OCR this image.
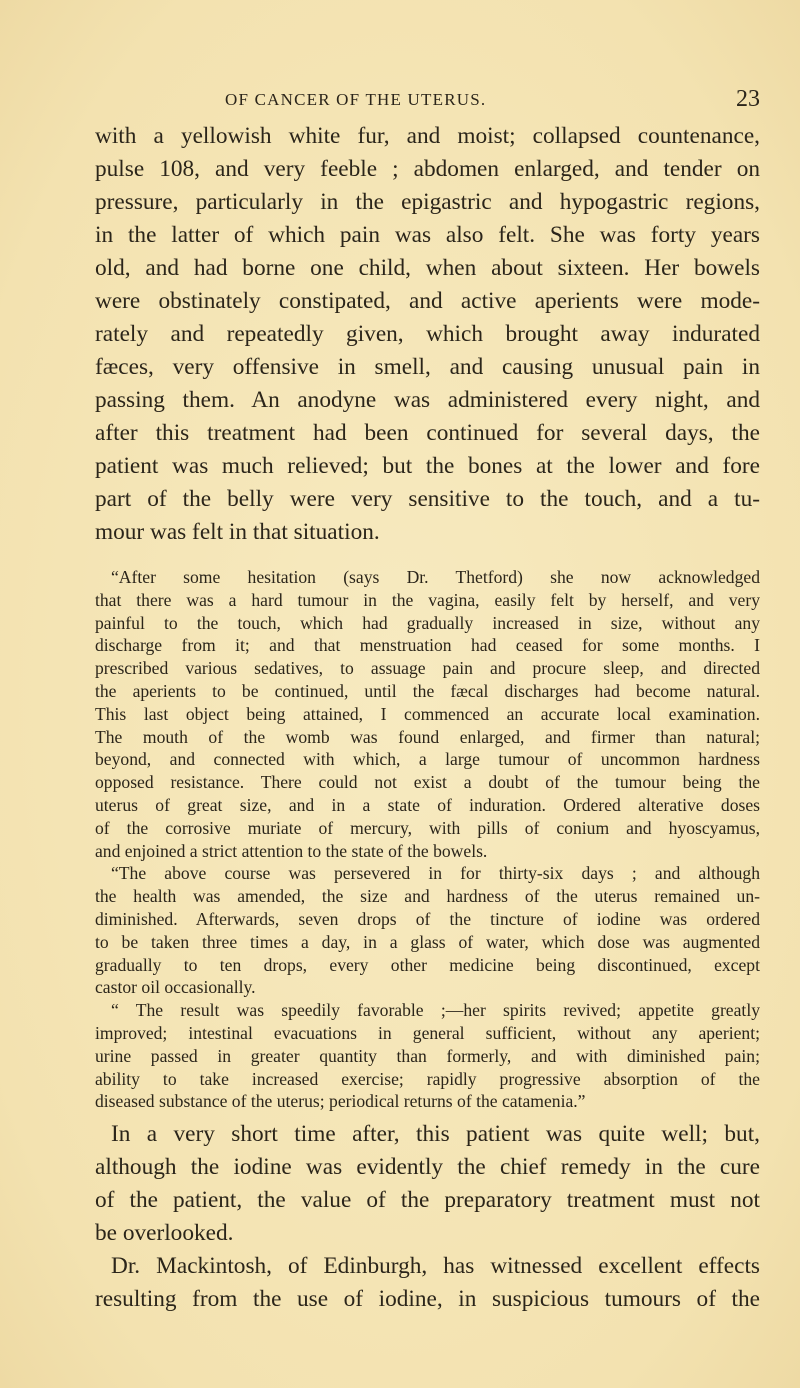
OF CANCER OF THE UTERUS.	23
with a yellowish white fur, and moist; collapsed countenance,
pulse 108, and very feeble ; abdomen enlarged, and tender on
pressure, particularly in the epigastric and hypogastric regions,
in the latter of which pain was also felt. She was forty years
old, and had borne one child, when about sixteen. Her bowels
were obstinately constipated, and active aperients were mode-
rately and repeatedly given, which brought away indurated
fæces, very offensive in smell, and causing unusual pain in
passing them. An anodyne was administered every night, and
after this treatment had been continued for several days, the
patient was much relieved; but the bones at the lower and fore
part of the belly were very sensitive to the touch, and a tu-
mour was felt in that situation.
“After some hesitation (says Dr. Thetford) she now acknowledged
that there was a hard tumour in the vagina, easily felt by herself, and very
painful to the touch, which had gradually increased in size, without any
discharge from it; and that menstruation had ceased for some months. I
prescribed various sedatives, to assuage pain and procure sleep, and directed
the aperients to be continued, until the fæcal discharges had become natural.
This last object being attained, I commenced an accurate local examination.
The mouth of the womb was found enlarged, and firmer than natural;
beyond, and connected with which, a large tumour of uncommon hardness
opposed resistance. There could not exist a doubt of the tumour being the
uterus of great size, and in a state of induration. Ordered alterative doses
of the corrosive muriate of mercury, with pills of conium and hyoscyamus,
and enjoined a strict attention to the state of the bowels.
“The above course was persevered in for thirty-six days ; and although
the health was amended, the size and hardness of the uterus remained un-
diminished. Afterwards, seven drops of the tincture of iodine was ordered
to be taken three times a day, in a glass of water, which dose was augmented
gradually to ten drops, every other medicine being discontinued, except
castor oil occasionally.
“ The result was speedily favorable ;—her spirits revived; appetite greatly
improved; intestinal evacuations in general sufficient, without any aperient;
urine passed in greater quantity than formerly, and with diminished pain;
ability to take increased exercise; rapidly progressive absorption of the
diseased substance of the uterus; periodical returns of the catamenia.”
In a very short time after, this patient was quite well; but,
although the iodine was evidently the chief remedy in the cure
of the patient, the value of the preparatory treatment must not
be overlooked.
Dr. Mackintosh, of Edinburgh, has witnessed excellent effects
resulting from the use of iodine, in suspicious tumours of the
